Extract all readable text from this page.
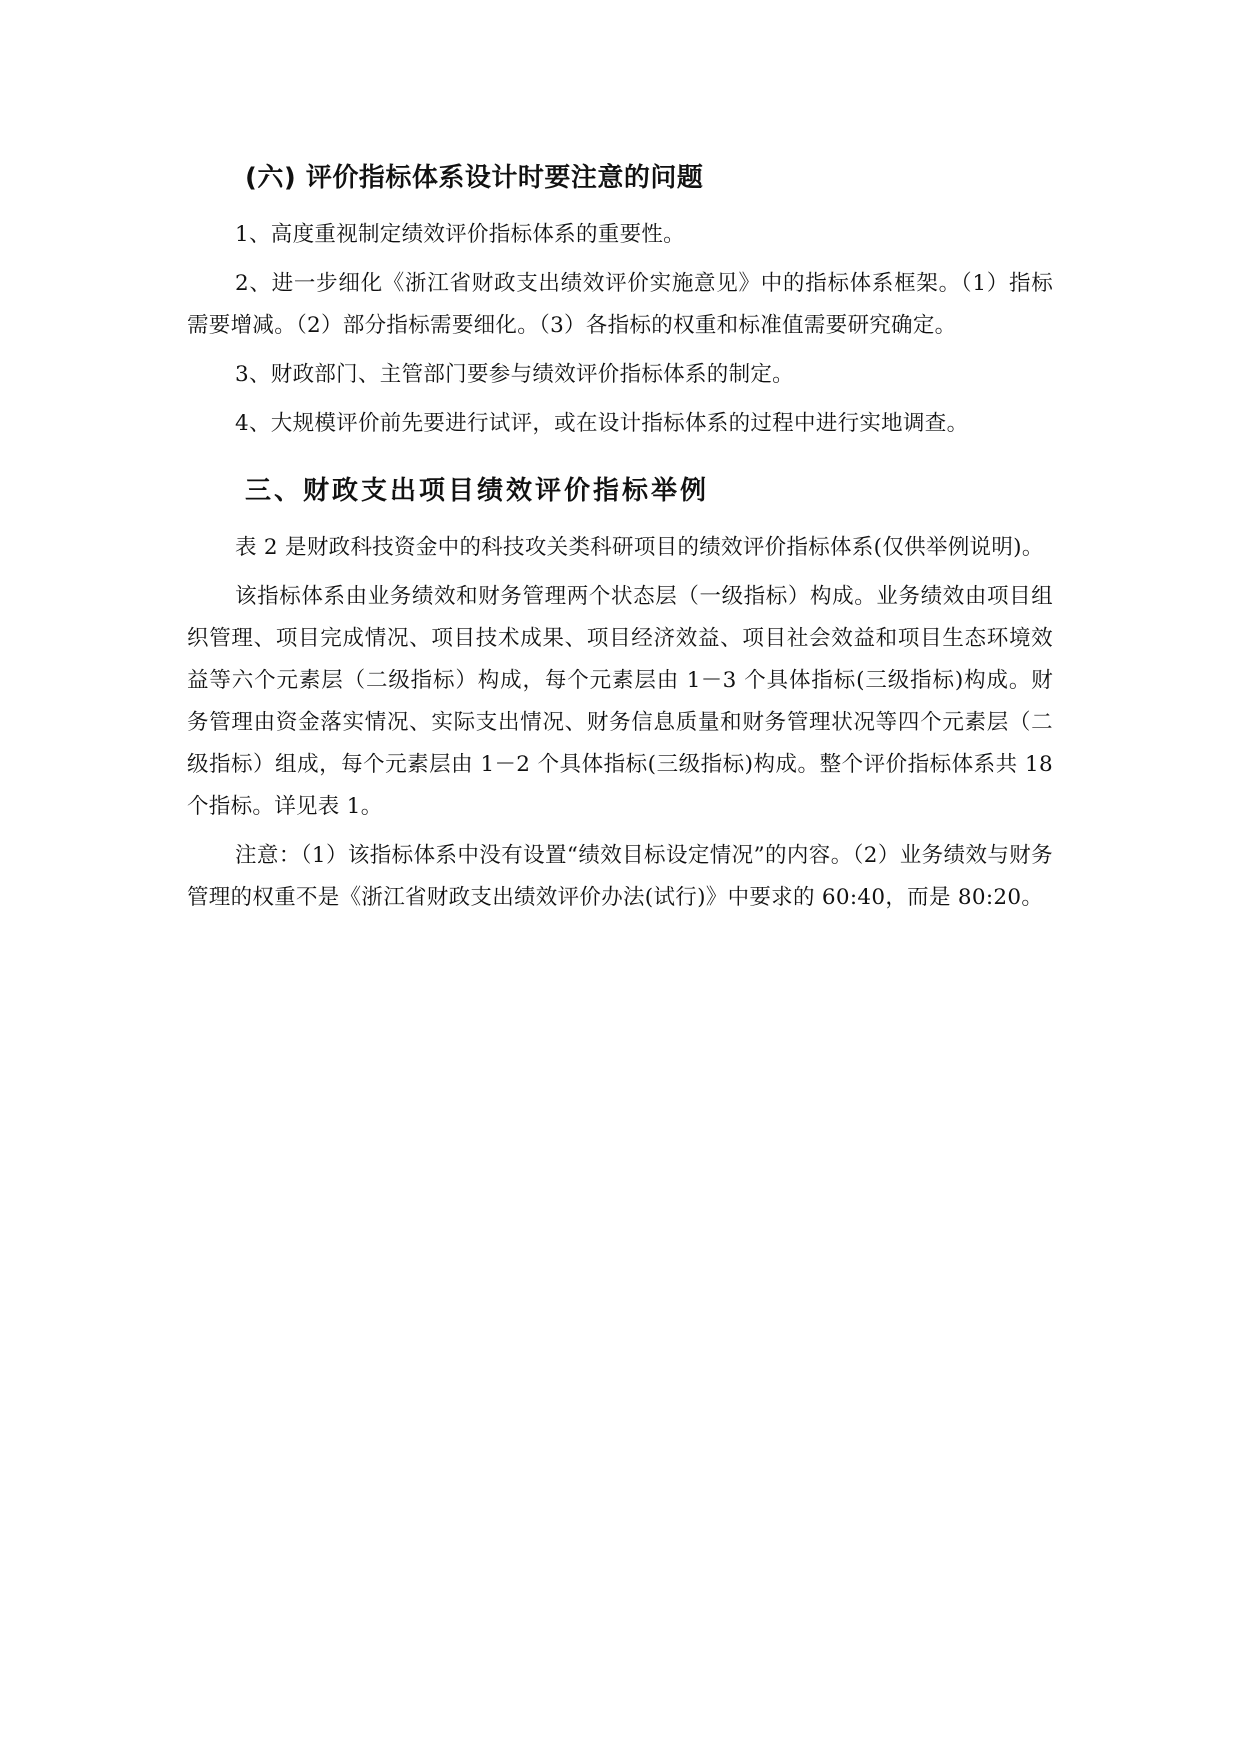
(六) 评价指标体系设计时要注意的问题

1、高度重视制定绩效评价指标体系的重要性。

2、进一步细化《浙江省财政支出绩效评价实施意见》中的指标体系框架。（1）指标需要增减。（2）部分指标需要细化。（3）各指标的权重和标准值需要研究确定。

3、财政部门、主管部门要参与绩效评价指标体系的制定。

4、大规模评价前先要进行试评，或在设计指标体系的过程中进行实地调查。

三、财政支出项目绩效评价指标举例

表 2 是财政科技资金中的科技攻关类科研项目的绩效评价指标体系(仅供举例说明)。

该指标体系由业务绩效和财务管理两个状态层（一级指标）构成。业务绩效由项目组织管理、项目完成情况、项目技术成果、项目经济效益、项目社会效益和项目生态环境效益等六个元素层（二级指标）构成，每个元素层由 1－3 个具体指标(三级指标)构成。财务管理由资金落实情况、实际支出情况、财务信息质量和财务管理状况等四个元素层（二级指标）组成，每个元素层由 1－2 个具体指标(三级指标)构成。整个评价指标体系共 18 个指标。详见表 1。

注意：（1）该指标体系中没有设置“绩效目标设定情况”的内容。（2）业务绩效与财务管理的权重不是《浙江省财政支出绩效评价办法(试行)》中要求的 60:40，而是 80:20。
